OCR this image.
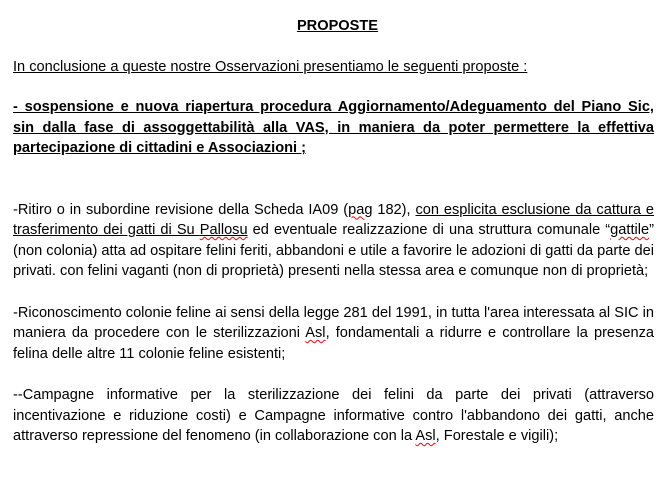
PROPOSTE

In conclusione a queste nostre Osservazioni presentiamo le seguenti proposte :

- sospensione e nuova riapertura procedura Aggiornamento/Adeguamento del Piano Sic, sin dalla fase di assoggettabilità alla VAS, in maniera da poter permettere la effettiva partecipazione di cittadini e Associazioni ;

-Ritiro o in subordine revisione della Scheda IA09 (pag 182), con esplicita esclusione da cattura e trasferimento dei gatti di Su Pallosu ed eventuale realizzazione di una struttura comunale “gattile” (non colonia) atta ad ospitare felini feriti, abbandoni e utile a favorire le adozioni di gatti da parte dei privati. con felini vaganti (non di proprietà) presenti nella stessa area e comunque non di proprietà;

-Riconoscimento colonie feline ai sensi della legge 281 del 1991, in tutta l'area interessata al SIC in maniera da procedere con le sterilizzazioni Asl, fondamentali a ridurre e controllare la presenza felina delle altre 11 colonie feline esistenti;

--Campagne informative per la sterilizzazione dei felini da parte dei privati (attraverso incentivazione e riduzione costi) e Campagne informative contro l'abbandono dei gatti, anche attraverso repressione del fenomeno (in collaborazione con la Asl, Forestale e vigili);
